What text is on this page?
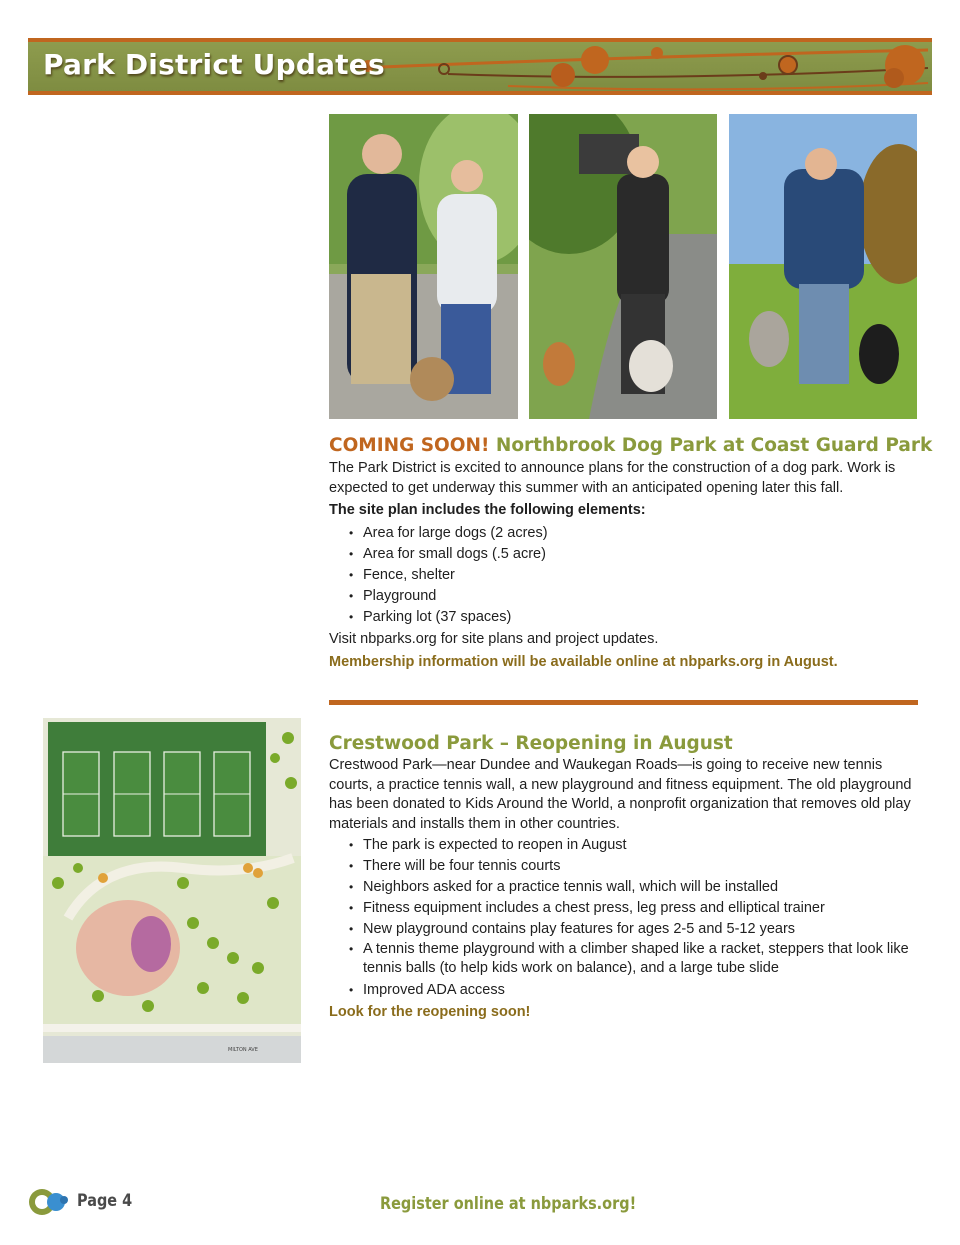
Park District Updates
COMING SOON! Northbrook Dog Park at Coast Guard Park

The Park District is excited to announce plans for the construction of a dog park. Work is expected to get underway this summer with an anticipated opening later this fall.

The site plan includes the following elements:

• Area for large dogs (2 acres)
• Area for small dogs (.5 acre)
• Fence, shelter
• Playground
• Parking lot (37 spaces)

Visit nbparks.org for site plans and project updates.

Membership information will be available online at nbparks.org in August.
MILTON AVE
Crestwood Park – Reopening in August

Crestwood Park—near Dundee and Waukegan Roads—is going to receive new tennis courts, a practice tennis wall, a new playground and fitness equipment. The old playground has been donated to Kids Around the World, a nonprofit organization that removes old play materials and installs them in other countries.

• The park is expected to reopen in August
• There will be four tennis courts
• Neighbors asked for a practice tennis wall, which will be installed
• Fitness equipment includes a chest press, leg press and elliptical trainer
• New playground contains play features for ages 2-5 and 5-12 years
• A tennis theme playground with a climber shaped like a racket, steppers that look like tennis balls (to help kids work on balance), and a large tube slide
• Improved ADA access
Look for the reopening soon!
Page 4	Register online at nbparks.org!
